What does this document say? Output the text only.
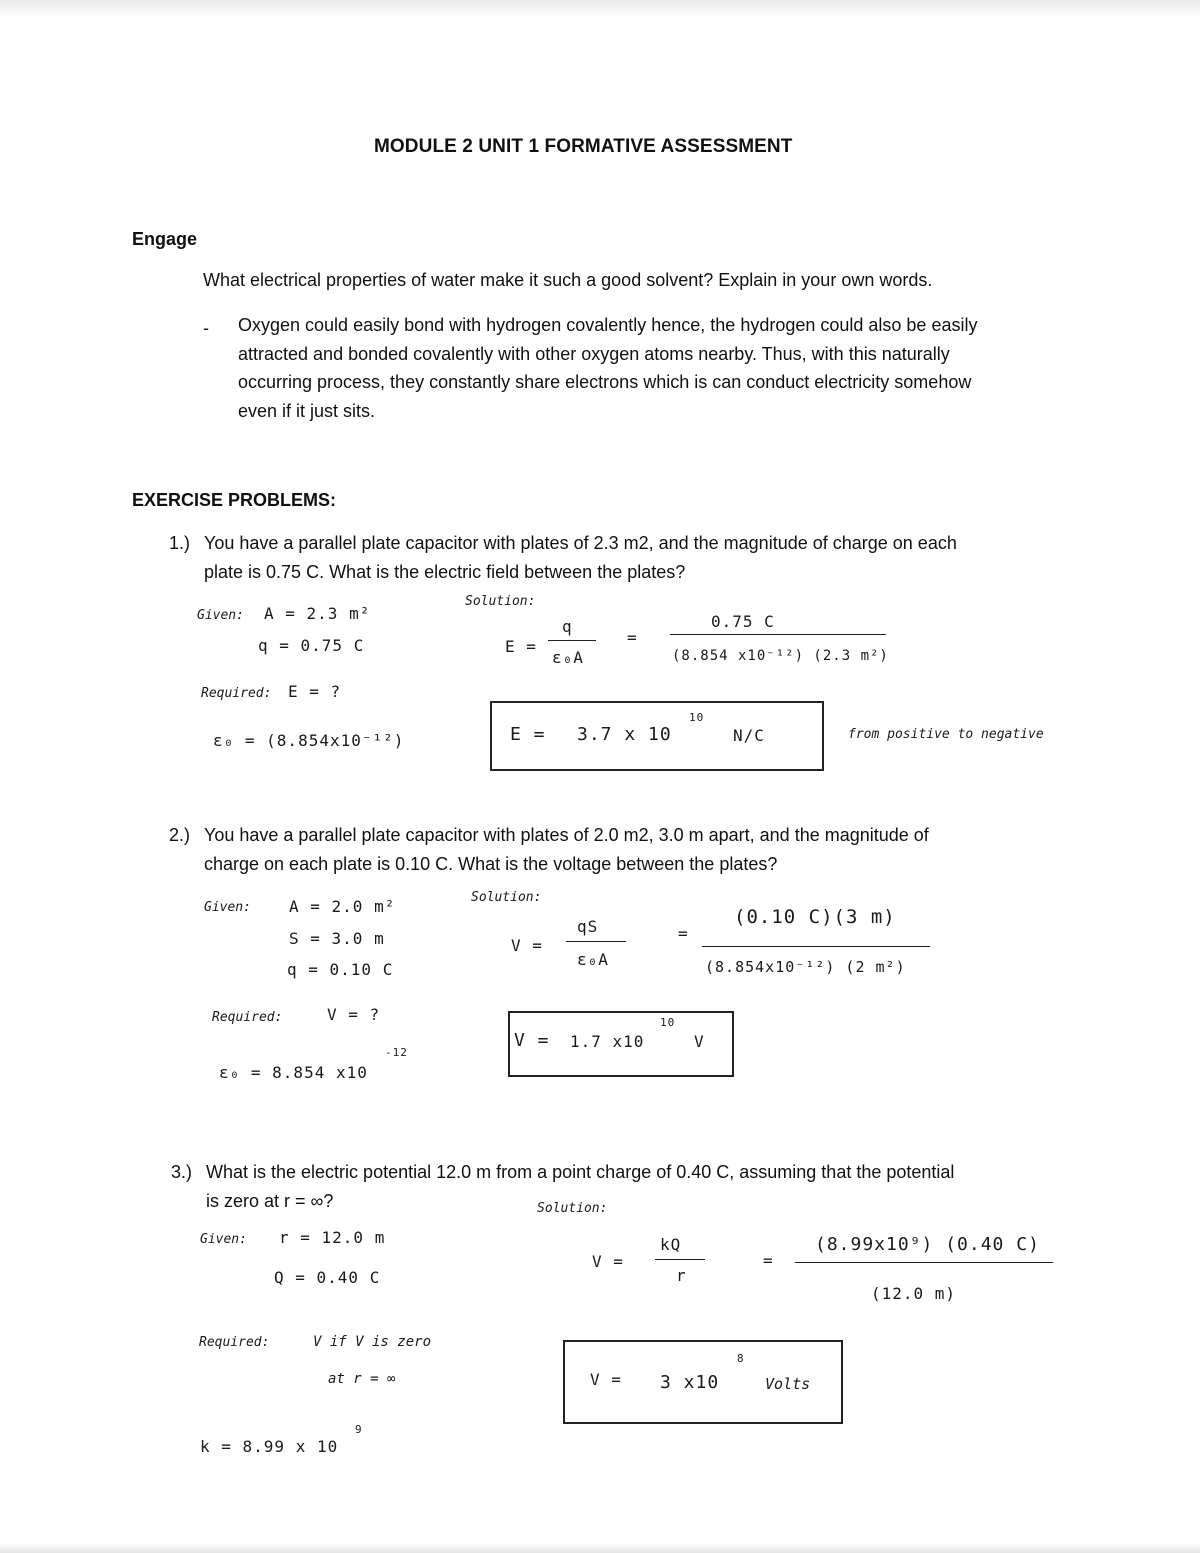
MODULE 2 UNIT 1 FORMATIVE ASSESSMENT
Engage
What electrical properties of water make it such a good solvent? Explain in your own words.
- Oxygen could easily bond with hydrogen covalently hence, the hydrogen could also be easily
attracted and bonded covalently with other oxygen atoms nearby. Thus, with this naturally
occurring process, they constantly share electrons which is can conduct electricity somehow
even if it just sits.
EXERCISE PROBLEMS:
1.) You have a parallel plate capacitor with plates of 2.3 m2, and the magnitude of charge on each
plate is 0.75 C. What is the electric field between the plates?
Given: A = 2.3 m²
q = 0.75 C
Required: E = ?
ε₀ = (8.854x10⁻¹²)
Solution:
E =
q
ε₀A
=
0.75 C
(8.854 x10⁻¹²) (2.3 m²)
E = 3.7 x 10
10
N/C	from positive to negative
2.) You have a parallel plate capacitor with plates of 2.0 m2, 3.0 m apart, and the magnitude of
charge on each plate is 0.10 C. What is the voltage between the plates?
Given: A = 2.0 m²
S = 3.0 m
q = 0.10 C
Required:	V = ?
ε₀ = 8.854 x10
-12
Solution:
V =
qS
ε₀A
=
(0.10 C)(3 m)
(8.854x10⁻¹²) (2 m²)
V = 1.7 x10
10
V
3.) What is the electric potential 12.0 m from a point charge of 0.40 C, assuming that the potential
is zero at r = ∞?
Given: r = 12.0 m
Q = 0.40 C
Required:	V if V is zero
at r = ∞
k = 8.99 x 10
9
Solution:
V =
kQ
r
=
(8.99x10⁹) (0.40 C)
(12.0 m)
V = 3 x10
8
Volts
